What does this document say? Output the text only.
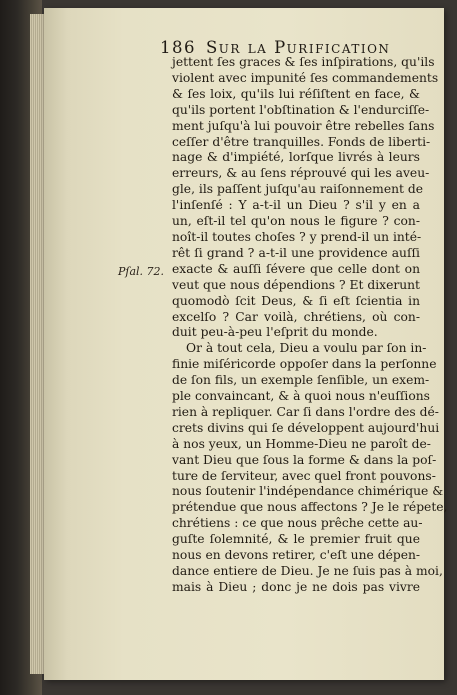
186 Sur la Purification
Pſal. 72.
jettent ſes graces & ſes inſpirations, qu'ils
violent avec impunité ſes commandements
& ſes loix, qu'ils lui réſiſtent en face, &
qu'ils portent l'obſtination & l'endurciſſe-
ment juſqu'à lui pouvoir être rebelles ſans
ceſſer d'être tranquilles. Fonds de liberti-
nage & d'impiété, lorſque livrés à leurs
erreurs, & au ſens réprouvé qui les aveu-
gle, ils paſſent juſqu'au raiſonnement de
l'inſenſé : Y a-t-il un Dieu ? s'il y en a
un, eſt-il tel qu'on nous le figure ? con-
noît-il toutes choſes ? y prend-il un inté-
rêt ſi grand ? a-t-il une providence auſſi
exacte & auſſi ſévere que celle dont on
veut que nous dépendions ? Et dixerunt
quomodò ſcit Deus, & ſi eſt ſcientia in
excelſo ? Car voilà, chrétiens, où con-
duit peu-à-peu l'eſprit du monde.
Or à tout cela, Dieu a voulu par ſon in-
finie miſéricorde oppoſer dans la perſonne
de ſon fils, un exemple ſenſible, un exem-
ple convaincant, & à quoi nous n'euſſions
rien à repliquer. Car ſi dans l'ordre des dé-
crets divins qui ſe développent aujourd'hui
à nos yeux, un Homme-Dieu ne paroît de-
vant Dieu que ſous la forme & dans la poſ-
ture de ſerviteur, avec quel front pouvons-
nous ſoutenir l'indépendance chimérique &
prétendue que nous affectons ? Je le répete,
chrétiens : ce que nous prêche cette au-
guſte ſolemnité, & le premier fruit que
nous en devons retirer, c'eſt une dépen-
dance entiere de Dieu. Je ne ſuis pas à moi,
mais à Dieu ; donc je ne dois pas vivre
